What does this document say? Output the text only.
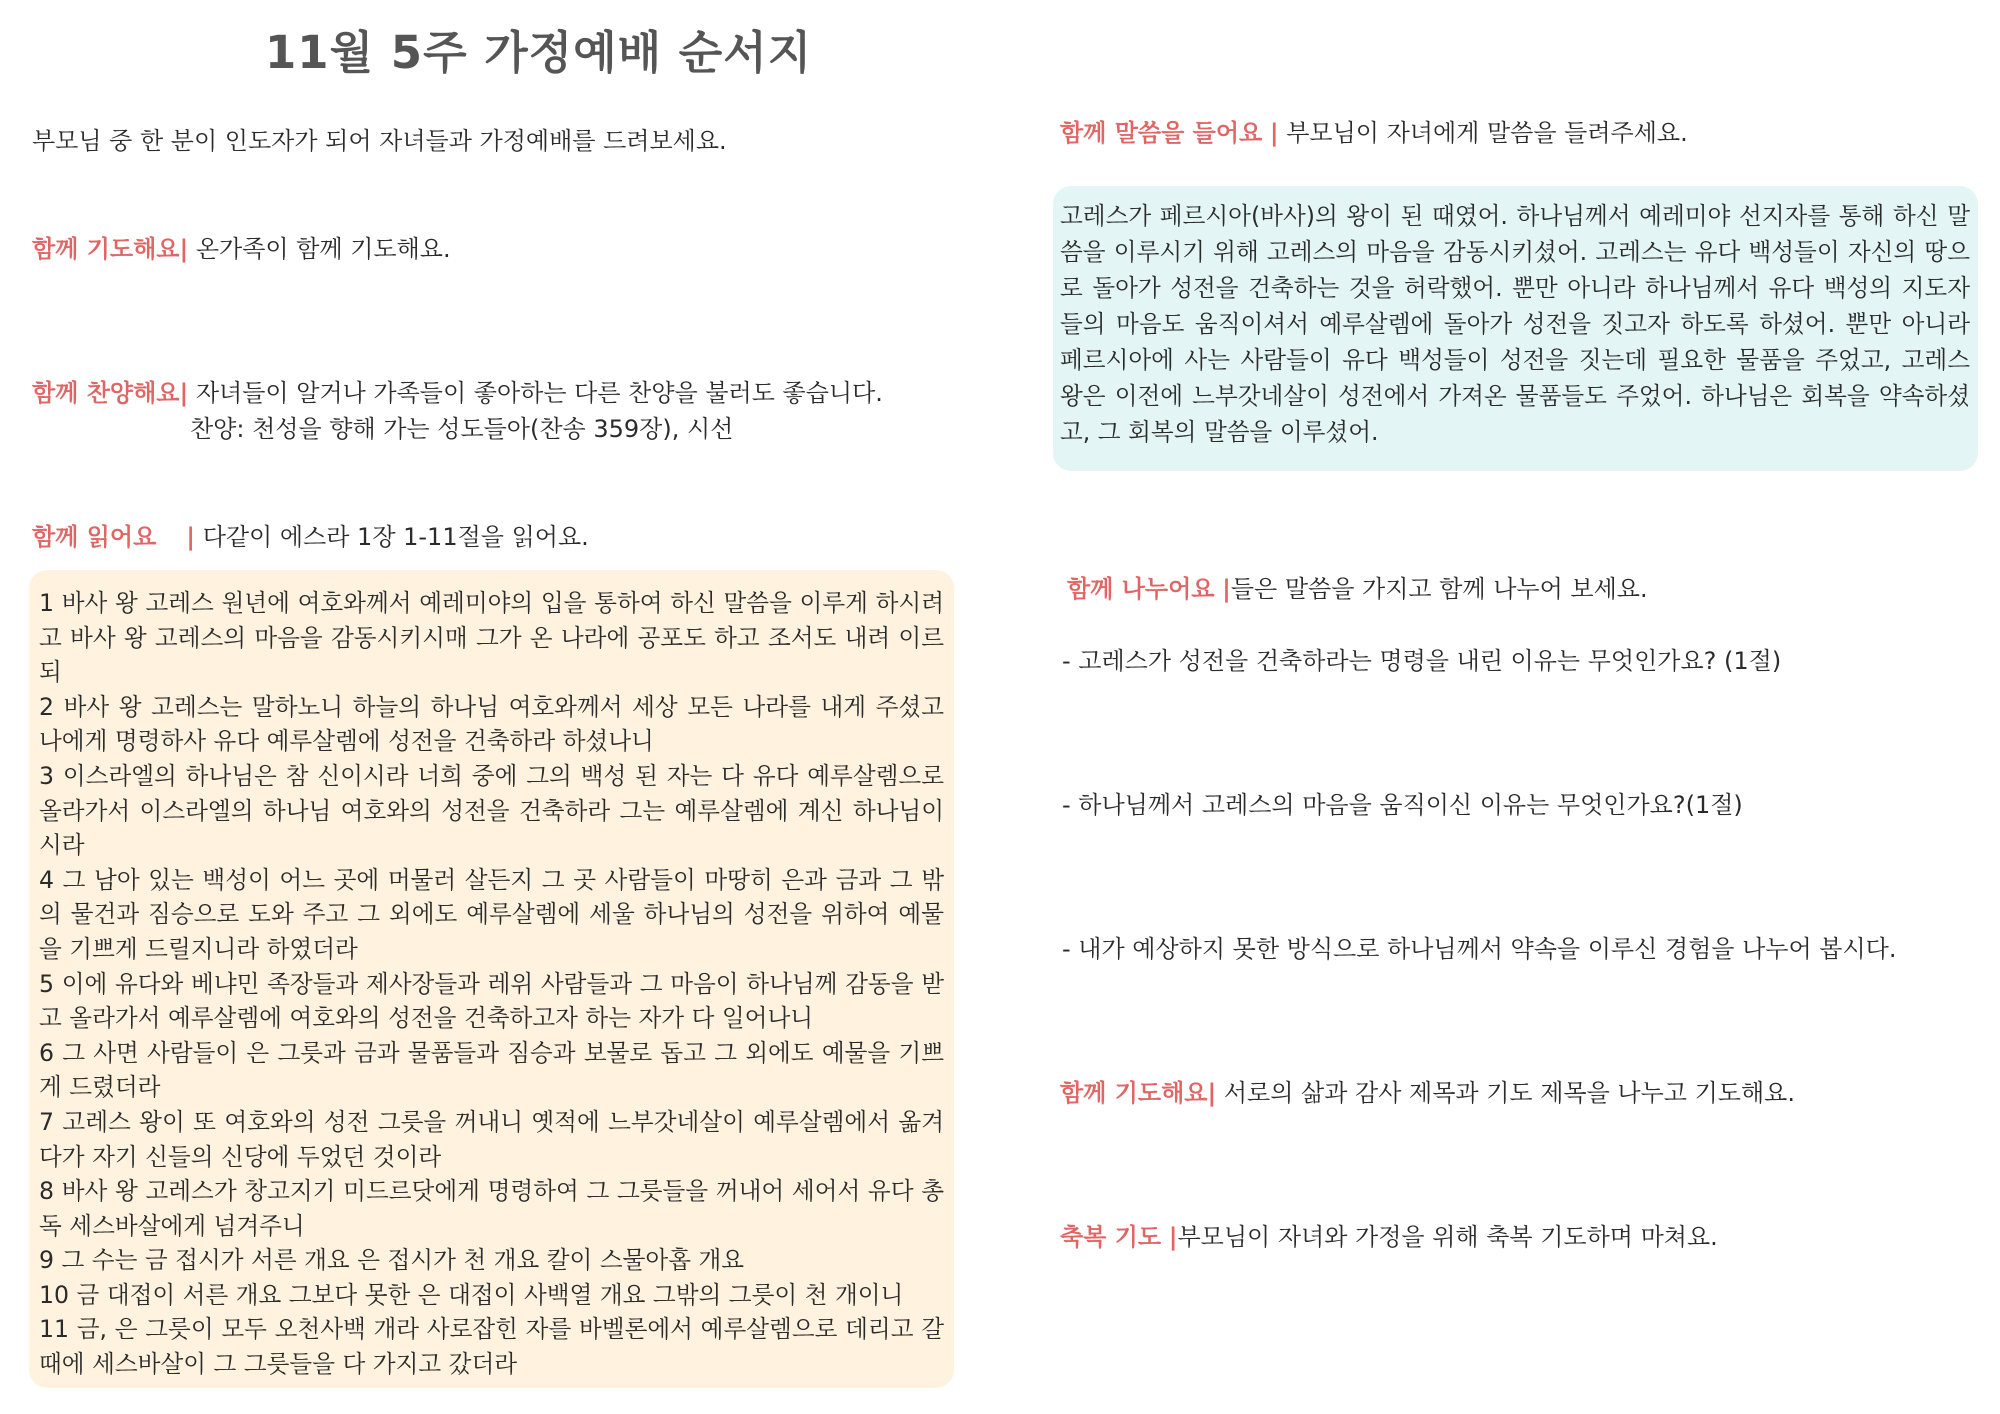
11월 5주 가정예배 순서지

부모님 중 한 분이 인도자가 되어 자녀들과 가정예배를 드려보세요.

함께 기도해요| 온가족이 함께 기도해요.

함께 찬양해요| 자녀들이 알거나 가족들이 좋아하는 다른 찬양을 불러도 좋습니다.

찬양: 천성을 향해 가는 성도들아(찬송 359장), 시선

함께 읽어요 | 다같이 에스라 1장 1-11절을 읽어요.

1 바사 왕 고레스 원년에 여호와께서 예레미야의 입을 통하여 하신 말씀을 이루게 하시려고 바사 왕 고레스의 마음을 감동시키시매 그가 온 나라에 공포도 하고 조서도 내려 이르되

2 바사 왕 고레스는 말하노니 하늘의 하나님 여호와께서 세상 모든 나라를 내게 주셨고 나에게 명령하사 유다 예루살렘에 성전을 건축하라 하셨나니

3 이스라엘의 하나님은 참 신이시라 너희 중에 그의 백성 된 자는 다 유다 예루살렘으로 올라가서 이스라엘의 하나님 여호와의 성전을 건축하라 그는 예루살렘에 계신 하나님이시라

4 그 남아 있는 백성이 어느 곳에 머물러 살든지 그 곳 사람들이 마땅히 은과 금과 그 밖의 물건과 짐승으로 도와 주고 그 외에도 예루살렘에 세울 하나님의 성전을 위하여 예물을 기쁘게 드릴지니라 하였더라

5 이에 유다와 베냐민 족장들과 제사장들과 레위 사람들과 그 마음이 하나님께 감동을 받고 올라가서 예루살렘에 여호와의 성전을 건축하고자 하는 자가 다 일어나니

6 그 사면 사람들이 은 그릇과 금과 물품들과 짐승과 보물로 돕고 그 외에도 예물을 기쁘게 드렸더라

7 고레스 왕이 또 여호와의 성전 그릇을 꺼내니 옛적에 느부갓네살이 예루살렘에서 옮겨다가 자기 신들의 신당에 두었던 것이라

8 바사 왕 고레스가 창고지기 미드르닷에게 명령하여 그 그릇들을 꺼내어 세어서 유다 총독 세스바살에게 넘겨주니

9 그 수는 금 접시가 서른 개요 은 접시가 천 개요 칼이 스물아홉 개요

10 금 대접이 서른 개요 그보다 못한 은 대접이 사백열 개요 그밖의 그릇이 천 개이니

11 금, 은 그릇이 모두 오천사백 개라 사로잡힌 자를 바벨론에서 예루살렘으로 데리고 갈 때에 세스바살이 그 그릇들을 다 가지고 갔더라

함께 말씀을 들어요 | 부모님이 자녀에게 말씀을 들려주세요.

고레스가 페르시아(바사)의 왕이 된 때였어. 하나님께서 예레미야 선지자를 통해 하신 말씀을 이루시기 위해 고레스의 마음을 감동시키셨어. 고레스는 유다 백성들이 자신의 땅으로 돌아가 성전을 건축하는 것을 허락했어. 뿐만 아니라 하나님께서 유다 백성의 지도자들의 마음도 움직이셔서 예루살렘에 돌아가 성전을 짓고자 하도록 하셨어. 뿐만 아니라 페르시아에 사는 사람들이 유다 백성들이 성전을 짓는데 필요한 물품을 주었고, 고레스 왕은 이전에 느부갓네살이 성전에서 가져온 물품들도 주었어. 하나님은 회복을 약속하셨고, 그 회복의 말씀을 이루셨어.

함께 나누어요 |들은 말씀을 가지고 함께 나누어 보세요.

- 고레스가 성전을 건축하라는 명령을 내린 이유는 무엇인가요? (1절)

- 하나님께서 고레스의 마음을 움직이신 이유는 무엇인가요?(1절)

- 내가 예상하지 못한 방식으로 하나님께서 약속을 이루신 경험을 나누어 봅시다.

함께 기도해요| 서로의 삶과 감사 제목과 기도 제목을 나누고 기도해요.

축복 기도 |부모님이 자녀와 가정을 위해 축복 기도하며 마쳐요.
